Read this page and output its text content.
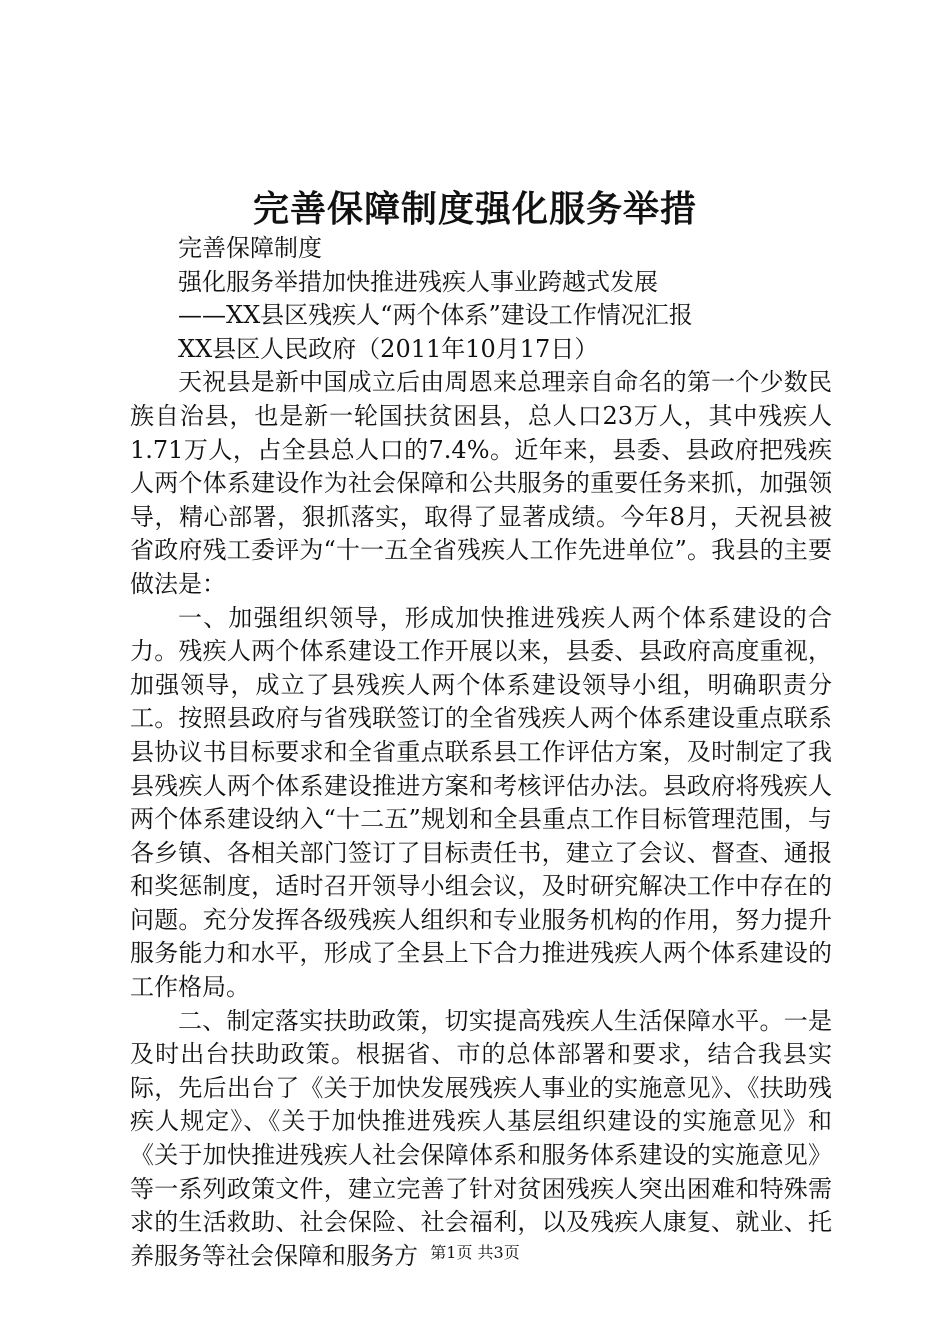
完善保障制度强化服务举措

完善保障制度

强化服务举措加快推进残疾人事业跨越式发展

——XX县区残疾人“两个体系”建设工作情况汇报

XX县区人民政府（2011年10月17日）

天祝县是新中国成立后由周恩来总理亲自命名的第一个少数民族自治县，也是新一轮国扶贫困县，总人口23万人，其中残疾人1.71万人，占全县总人口的7.4%。近年来，县委、县政府把残疾人两个体系建设作为社会保障和公共服务的重要任务来抓，加强领导，精心部署，狠抓落实，取得了显著成绩。今年8月，天祝县被省政府残工委评为“十一五全省残疾人工作先进单位”。我县的主要做法是：

一、加强组织领导，形成加快推进残疾人两个体系建设的合力。残疾人两个体系建设工作开展以来，县委、县政府高度重视，加强领导，成立了县残疾人两个体系建设领导小组，明确职责分工。按照县政府与省残联签订的全省残疾人两个体系建设重点联系县协议书目标要求和全省重点联系县工作评估方案，及时制定了我县残疾人两个体系建设推进方案和考核评估办法。县政府将残疾人两个体系建设纳入“十二五”规划和全县重点工作目标管理范围，与各乡镇、各相关部门签订了目标责任书，建立了会议、督查、通报和奖惩制度，适时召开领导小组会议，及时研究解决工作中存在的问题。充分发挥各级残疾人组织和专业服务机构的作用，努力提升服务能力和水平，形成了全县上下合力推进残疾人两个体系建设的工作格局。

二、制定落实扶助政策，切实提高残疾人生活保障水平。一是及时出台扶助政策。根据省、市的总体部署和要求，结合我县实际，先后出台了《关于加快发展残疾人事业的实施意见》、《扶助残疾人规定》、《关于加快推进残疾人基层组织建设的实施意见》和《关于加快推进残疾人社会保障体系和服务体系建设的实施意见》等一系列政策文件，建立完善了针对贫困残疾人突出困难和特殊需求的生活救助、社会保险、社会福利，以及残疾人康复、就业、托养服务等社会保障和服务方 第1页 共3页
